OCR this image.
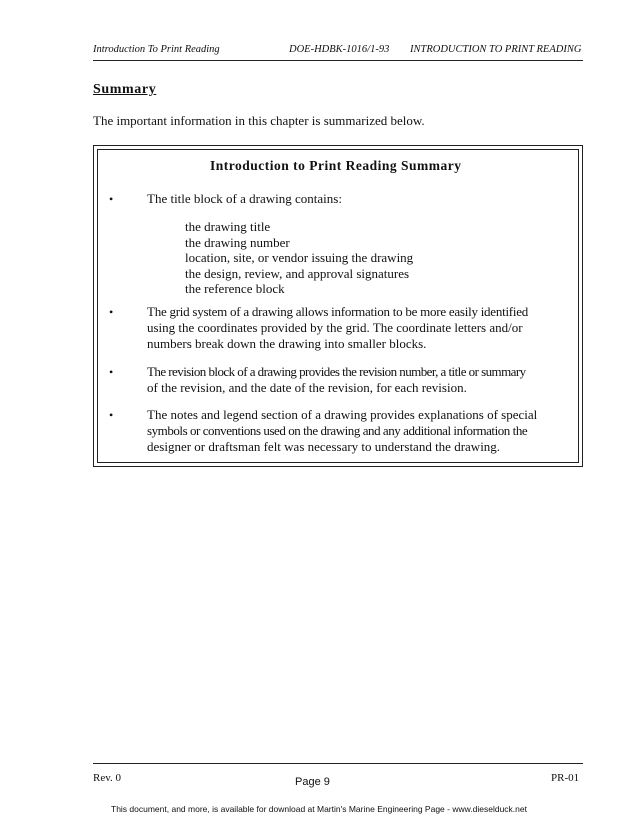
Introduction To Print Reading	DOE-HDBK-1016/1-93 INTRODUCTION TO PRINT READING
Summary
The important information in this chapter is summarized below.
Introduction to Print Reading Summary
•	The title block of a drawing contains:
the drawing title
the drawing number
location, site, or vendor issuing the drawing
the design, review, and approval signatures
the reference block
•	The grid system of a drawing allows information to be more easily identified
using the coordinates provided by the grid. The coordinate letters and/or
numbers break down the drawing into smaller blocks.
•	The revision block of a drawing provides the revision number, a title or summary
of the revision, and the date of the revision, for each revision.
•	The notes and legend section of a drawing provides explanations of special
symbols or conventions used on the drawing and any additional information the
designer or draftsman felt was necessary to understand the drawing.
Rev. 0	Page 9	PR-01
This document, and more, is available for download at Martin's Marine Engineering Page - www.dieselduck.net
